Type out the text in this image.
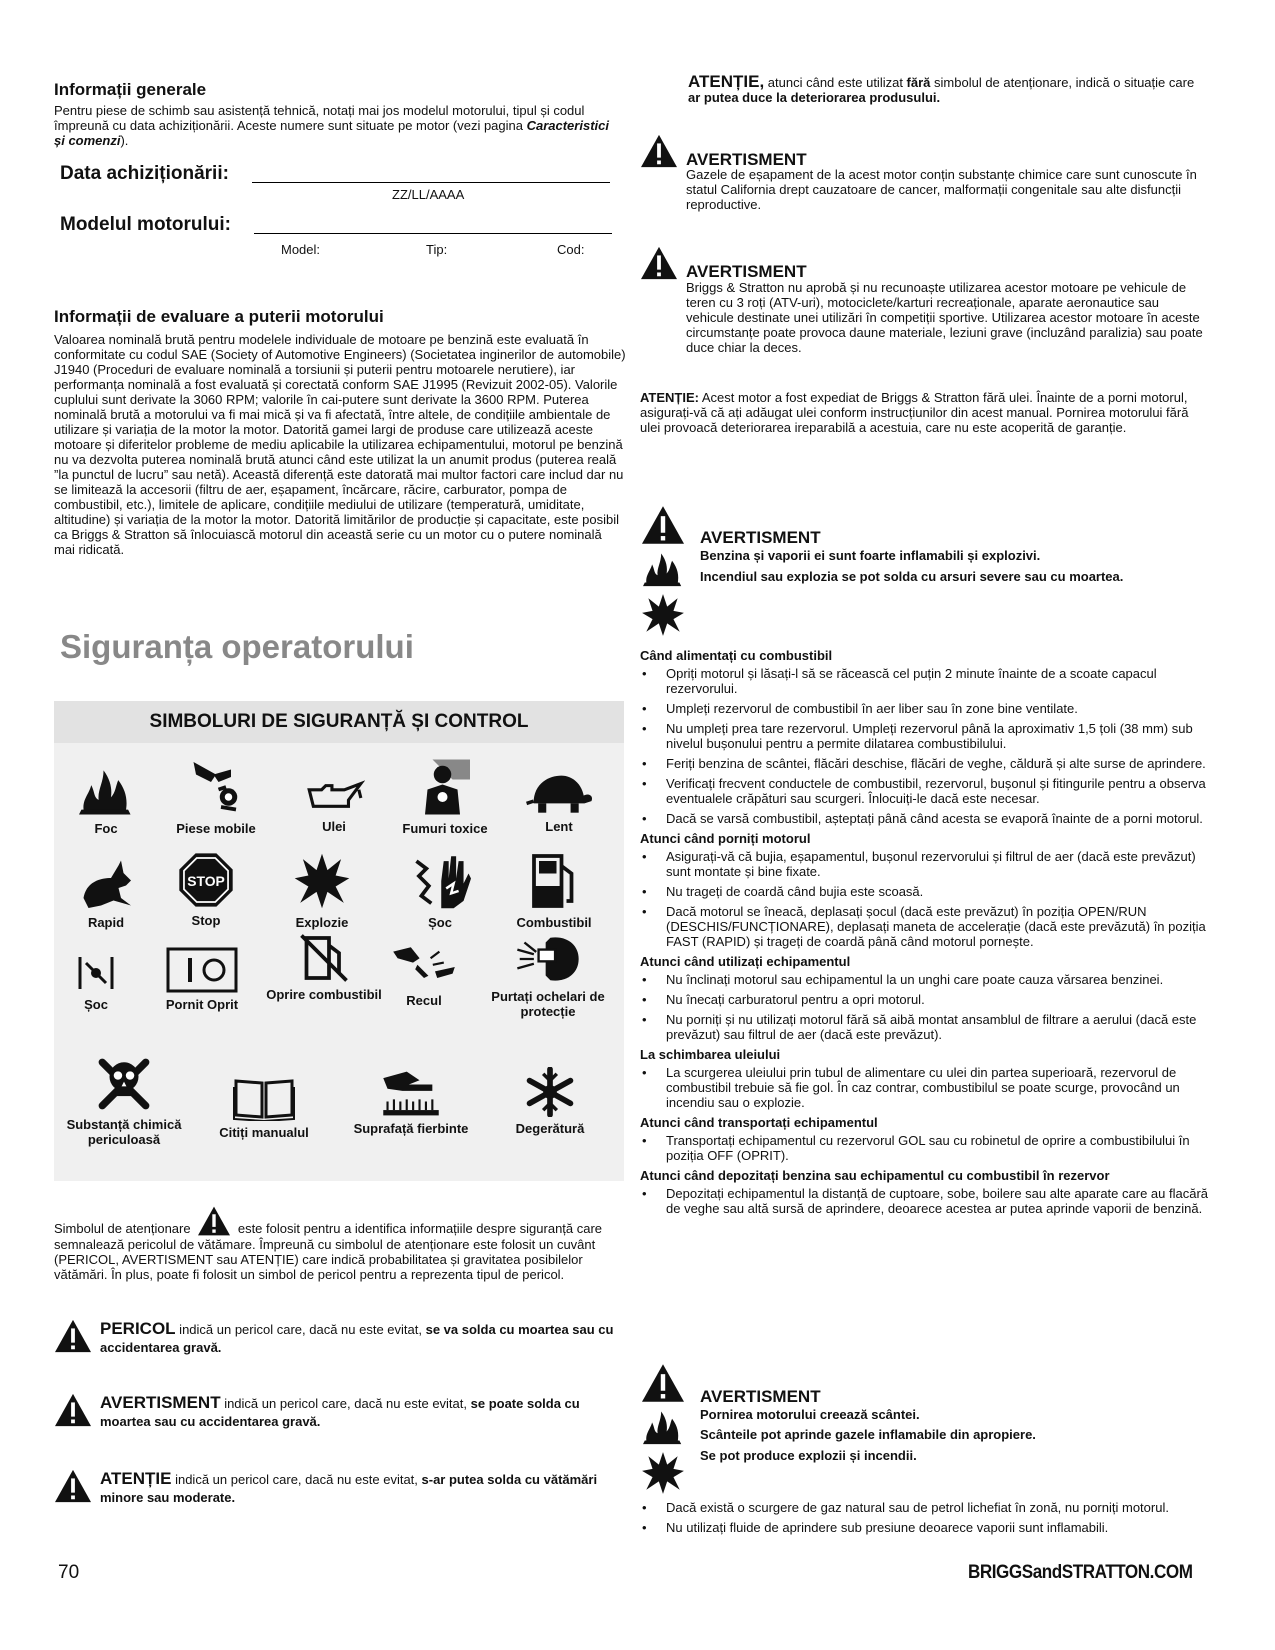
Informații generale
Pentru piese de schimb sau asistență tehnică, notați mai jos modelul motorului, tipul și codul împreună cu data achiziționării. Aceste numere sunt situate pe motor (vezi pagina Caracteristici și comenzi).
Data achiziționării:
ZZ/LL/AAAA
Modelul motorului:
Model:	Tip:	Cod:
Informații de evaluare a puterii motorului
Valoarea nominală brută pentru modelele individuale de motoare pe benzină este evaluată în conformitate cu codul SAE (Society of Automotive Engineers) (Societatea inginerilor de automobile) J1940 (Proceduri de evaluare nominală a torsiunii și puterii pentru motoarele nerutiere), iar performanța nominală a fost evaluată și corectată conform SAE J1995 (Revizuit 2002-05). Valorile cuplului sunt derivate la 3060 RPM; valorile în cai-putere sunt derivate la 3600 RPM. Puterea nominală brută a motorului va fi mai mică și va fi afectată, între altele, de condițiile ambientale de utilizare și variația de la motor la motor. Datorită gamei largi de produse care utilizează aceste motoare și diferitelor probleme de mediu aplicabile la utilizarea echipamentului, motorul pe benzină nu va dezvolta puterea nominală brută atunci când este utilizat la un anumit produs (puterea reală ”la punctul de lucru” sau netă). Această diferență este datorată mai multor factori care includ dar nu se limitează la accesorii (filtru de aer, eșapament, încărcare, răcire, carburator, pompa de combustibil, etc.), limitele de aplicare, condițiile mediului de utilizare (temperatură, umiditate, altitudine) și variația de la motor la motor. Datorită limitărilor de producție și capacitate, este posibil ca Briggs & Stratton să înlocuiască motorul din această serie cu un motor cu o putere nominală mai ridicată.
Siguranța operatorului
SIMBOLURI DE SIGURANȚĂ ȘI CONTROL
Foc	Piese mobile	Ulei	Fumuri toxice	Lent
Rapid
STOP
Stop	Explozie	Șoc	Combustibil
Șoc	Pornit Oprit
Oprire combustibil	Recul	Purtați ochelari de protecție
Substanță chimică periculoasă	Citiți manualul	Suprafață fierbinte	Degerătură
Simbolul de atenționare	este folosit pentru a identifica informațiile despre siguranță care semnalează pericolul de vătămare. Împreună cu simbolul de atenționare este folosit un cuvânt (PERICOL, AVERTISMENT sau ATENȚIE) care indică probabilitatea și gravitatea posibilelor vătămări. În plus, poate fi folosit un simbol de pericol pentru a reprezenta tipul de pericol.
PERICOL indică un pericol care, dacă nu este evitat, se va solda cu moartea sau cu accidentarea gravă.
AVERTISMENT indică un pericol care, dacă nu este evitat, se poate solda cu moartea sau cu accidentarea gravă.
ATENȚIE indică un pericol care, dacă nu este evitat, s-ar putea solda cu vătămări minore sau moderate.
ATENȚIE, atunci când este utilizat fără simbolul de atenționare, indică o situație care ar putea duce la deteriorarea produsului.
AVERTISMENT
Gazele de eșapament de la acest motor conțin substanțe chimice care sunt cunoscute în statul California drept cauzatoare de cancer, malformații congenitale sau alte disfuncții reproductive.
AVERTISMENT
Briggs & Stratton nu aprobă și nu recunoaște utilizarea acestor motoare pe vehicule de teren cu 3 roți (ATV-uri), motociclete/karturi recreaționale, aparate aeronautice sau vehicule destinate unei utilizări în competiții sportive. Utilizarea acestor motoare în aceste circumstanțe poate provoca daune materiale, leziuni grave (incluzând paralizia) sau poate duce chiar la deces.
ATENȚIE: Acest motor a fost expediat de Briggs & Stratton fără ulei. Înainte de a porni motorul, asigurați-vă că ați adăugat ulei conform instrucțiunilor din acest manual. Pornirea motorului fără ulei provoacă deteriorarea ireparabilă a acestuia, care nu este acoperită de garanție.
AVERTISMENT
Benzina și vaporii ei sunt foarte inflamabili și explozivi.
Incendiul sau explozia se pot solda cu arsuri severe sau cu moartea.
Când alimentați cu combustibil
• Opriți motorul și lăsați-l să se răcească cel puțin 2 minute înainte de a scoate capacul rezervorului.
• Umpleți rezervorul de combustibil în aer liber sau în zone bine ventilate.
• Nu umpleți prea tare rezervorul. Umpleți rezervorul până la aproximativ 1,5 țoli (38 mm) sub nivelul bușonului pentru a permite dilatarea combustibilului.
• Feriți benzina de scântei, flăcări deschise, flăcări de veghe, căldură și alte surse de aprindere.
• Verificați frecvent conductele de combustibil, rezervorul, bușonul și fitingurile pentru a observa eventualele crăpături sau scurgeri. Înlocuiți-le dacă este necesar.
• Dacă se varsă combustibil, așteptați până când acesta se evaporă înainte de a porni motorul.
Atunci când porniți motorul
• Asigurați-vă că bujia, eșapamentul, bușonul rezervorului și filtrul de aer (dacă este prevăzut) sunt montate și bine fixate.
• Nu trageți de coardă când bujia este scoasă.
• Dacă motorul se îneacă, deplasați șocul (dacă este prevăzut) în poziția OPEN/RUN (DESCHIS/FUNCȚIONARE), deplasați maneta de accelerație (dacă este prevăzută) în poziția FAST (RAPID) și trageți de coardă până când motorul pornește.
Atunci când utilizați echipamentul
• Nu înclinați motorul sau echipamentul la un unghi care poate cauza vărsarea benzinei.
• Nu înecați carburatorul pentru a opri motorul.
• Nu porniți și nu utilizați motorul fără să aibă montat ansamblul de filtrare a aerului (dacă este prevăzut) sau filtrul de aer (dacă este prevăzut).
La schimbarea uleiului
• La scurgerea uleiului prin tubul de alimentare cu ulei din partea superioară, rezervorul de combustibil trebuie să fie gol. În caz contrar, combustibilul se poate scurge, provocând un incendiu sau o explozie.
Atunci când transportați echipamentul
• Transportați echipamentul cu rezervorul GOL sau cu robinetul de oprire a combustibilului în poziția OFF (OPRIT).
Atunci când depozitați benzina sau echipamentul cu combustibil în rezervor
• Depozitați echipamentul la distanță de cuptoare, sobe, boilere sau alte aparate care au flacără de veghe sau altă sursă de aprindere, deoarece acestea ar putea aprinde vaporii de benzină.
AVERTISMENT
Pornirea motorului creează scântei.
Scânteile pot aprinde gazele inflamabile din apropiere.
Se pot produce explozii și incendii.
• Dacă există o scurgere de gaz natural sau de petrol lichefiat în zonă, nu porniți motorul.
• Nu utilizați fluide de aprindere sub presiune deoarece vaporii sunt inflamabili.
70	BRIGGSandSTRATTON.COM
